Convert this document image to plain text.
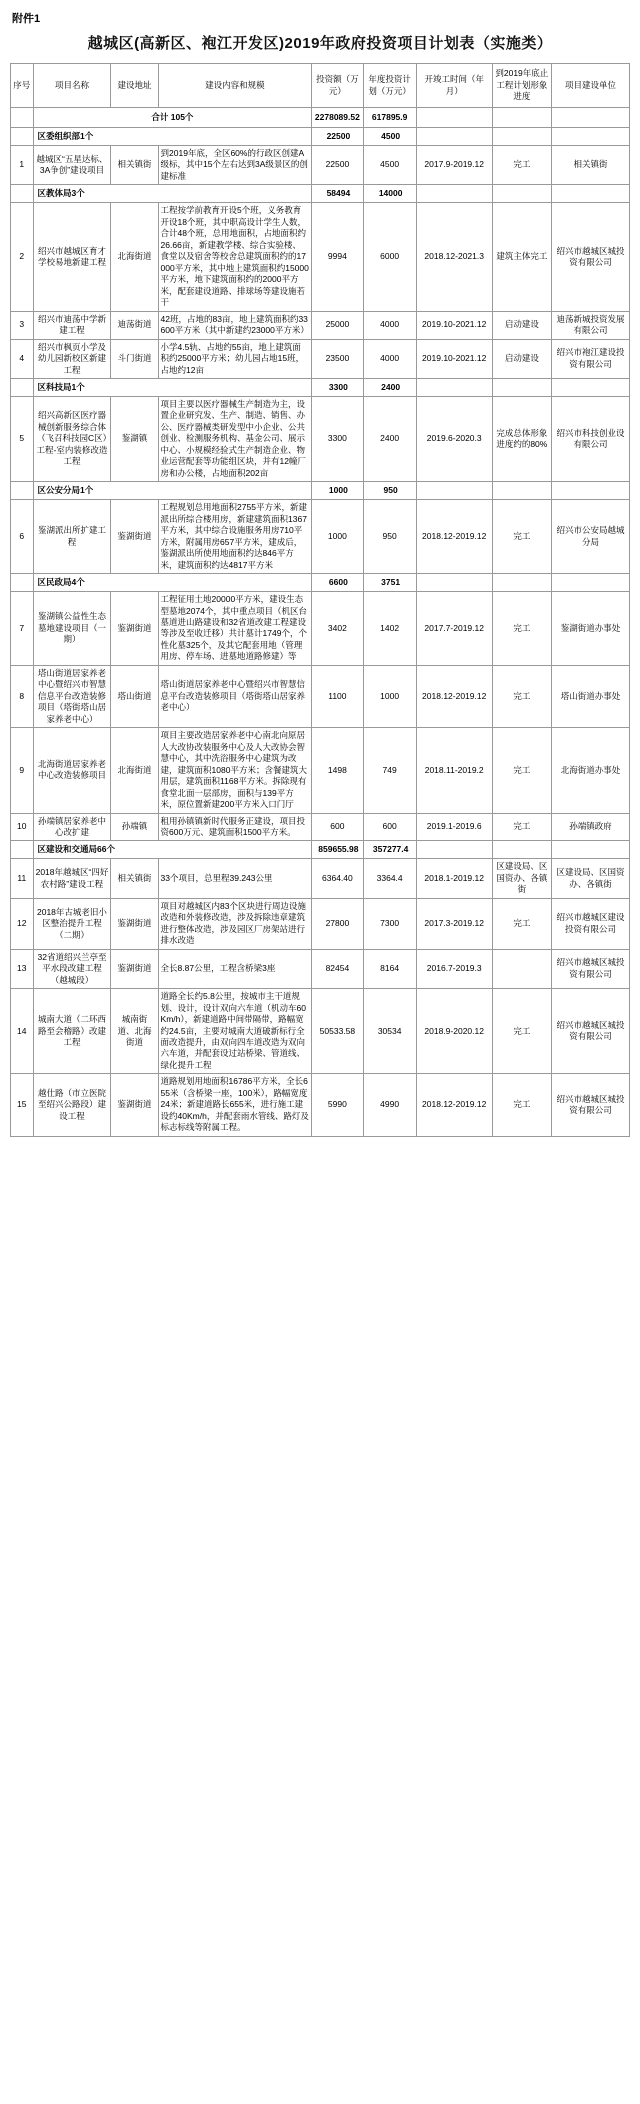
附件1
越城区(高新区、袍江开发区)2019年政府投资项目计划表（实施类）
序号	项目名称	建设地址	建设内容和规模	投资额（万元）	年度投资计划（万元）	开竣工时间（年月）	到2019年底止工程计划形象进度	项目建设单位
	合计 105个			2278089.52	617895.9			
	区委组织部1个			22500	4500			
1	越城区“五星达标、3A争创”建设项目	相关镇街	到2019年底，全区60%的行政区创建A级标，其中15个左右达到3A级景区的创建标准	22500	4500	2017.9-2019.12	完工	相关镇街
	区教体局3个			58494	14000			
2	绍兴市越城区育才学校易地新建工程	北海街道	工程按学前教育开设5个班，义务教育开设18个班，其中职高设计学生人数，合计48个班，总用地面积，占地面积约26.66亩，新建教学楼、综合实验楼、食堂以及宿舍等校舍总建筑面积约的17000平方米，其中地上建筑面积约15000平方米，地下建筑面积约的2000平方米，配套建设道路、排球场等建设施若干	9994	6000	2018.12-2021.3	建筑主体完工	绍兴市越城区城投资有限公司
3	绍兴市迪荡中学新建工程	迪荡街道	42班，占地的83亩，地上建筑面积约33600平方米（其中新建约23000平方米）	25000	4000	2019.10-2021.12	启动建设	迪荡新城投资发展有限公司
4	绍兴市枫页小学及幼儿园新校区新建工程	斗门街道	小学4.5轨、占地约55亩，地上建筑面积约25000平方米；幼儿园占地15班，占地约12亩	23500	4000	2019.10-2021.12	启动建设	绍兴市袍江建设投资有限公司
	区科技局1个			3300	2400			
5	绍兴高新区医疗器械创新服务综合体（飞召科技园C区）工程-室内装修改造工程	鉴湖镇	项目主要以医疗器械生产制造为主，设置企业研究发、生产、制造、销售、办公、医疗器械类研发型中小企业、公共创业、检测服务机构、基金公司、展示中心、小规模经验式生产制造企业、物业运营配套等功能组区块，并有12幢厂房和办公楼，占地面积202亩	3300	2400	2019.6-2020.3	完成总体形象进度约的80%	绍兴市科技创业设有限公司
	区公安分局1个			1000	950			
6	鉴湖派出所扩建工程	鉴湖街道	工程规划总用地面积2755平方米，新建派出所综合楼用房，新建建筑面积1367平方米，其中综合设施服务用房710平方米，附属用房657平方米，建成后，鉴湖派出所使用地面积约达846平方米，建筑面积约达4817平方米	1000	950	2018.12-2019.12	完工	绍兴市公安局越城分局
	区民政局4个			6600	3751			
7	鉴湖镇公益性生态墓地建设项目（一期）	鉴湖街道	工程征用土地20000平方米，建设生态型墓地2074个，其中重点项目（机区台墓道进山路建设和32省道改建工程建设等涉及至收迁移）共计墓计1749个，个性化墓325个，及其它配套用地（管理用房、停车场、进墓地道路修建）等	3402	1402	2017.7-2019.12	完工	鉴湖街道办事处
8	塔山街道居家养老中心暨绍兴市智慧信息平台改造装修项目（塔街塔山居家养老中心）	塔山街道	塔山街道居家养老中心暨绍兴市智慧信息平台改造装修项目（塔街塔山居家养老中心）	1100	1000	2018.12-2019.12	完工	塔山街道办事处
9	北海街道居家养老中心改造装修项目	北海街道	项目主要改造居家养老中心南北向原居人大改协改装服务中心及人大改协会智慧中心，其中洗浴服务中心建筑为改建，建筑面积1080平方米；含餐建筑大用层，建筑面积1168平方米。拆除现有食堂北面一层部房，面积与139平方米，原位置新建200平方米入口门厅	1498	749	2018.11-2019.2	完工	北海街道办事处
10	孙端镇居家养老中心改扩建	孙端镇	租用孙镇镇新时代服务正建设，项目投资600万元、建筑面积1500平方米。	600	600	2019.1-2019.6	完工	孙端镇政府
	区建设和交通局66个			859655.98	357277.4			
11	2018年越城区“四好农村路”建设工程	相关镇街	33个项目，总里程39.243公里	6364.40	3364.4	2018.1-2019.12	区建设局、区国资办、各镇街	区建设局、区国资办、各镇街
12	2018年古城老旧小区整治提升工程（二期）	鉴湖街道	项目对越城区内83个区块进行周边设施改造和外装修改造，涉及拆除违章建筑进行整体改造，涉及园区厂房架站进行排水改造	27800	7300	2017.3-2019.12	完工	绍兴市越城区建设投资有限公司
13	32省道绍兴兰亭至平水段改建工程（越城段）	鉴湖街道	全长8.87公里，工程含桥梁3座	82454	8164	2016.7-2019.3		绍兴市越城区城投资有限公司
14	城南大道（二环西路至会稽路）改建工程	城南街道、北海街道	道路全长约5.8公里，按城市主干道规划、设计，设计双向六车道（机动车60Km/h），新建道路中间带隔带，路幅宽约24.5亩，主要对城南大道破新标行全面改造提升，由双向四车道改造为双向六车道，并配套设过站桥梁、管道线、绿化提升工程	50533.58	30534	2018.9-2020.12	完工	绍兴市越城区城投资有限公司
15	越仕路（市立医院至绍兴公路段）建设工程	鉴湖街道	道路规划用地面积16786平方米，全长655米（含桥梁一座，100米），路幅宽度24米；新建道路长655米，进行施工建设约40Km/h，并配套雨水管线、路灯及标志标线等附属工程。	5990	4990	2018.12-2019.12	完工	绍兴市越城区城投资有限公司
